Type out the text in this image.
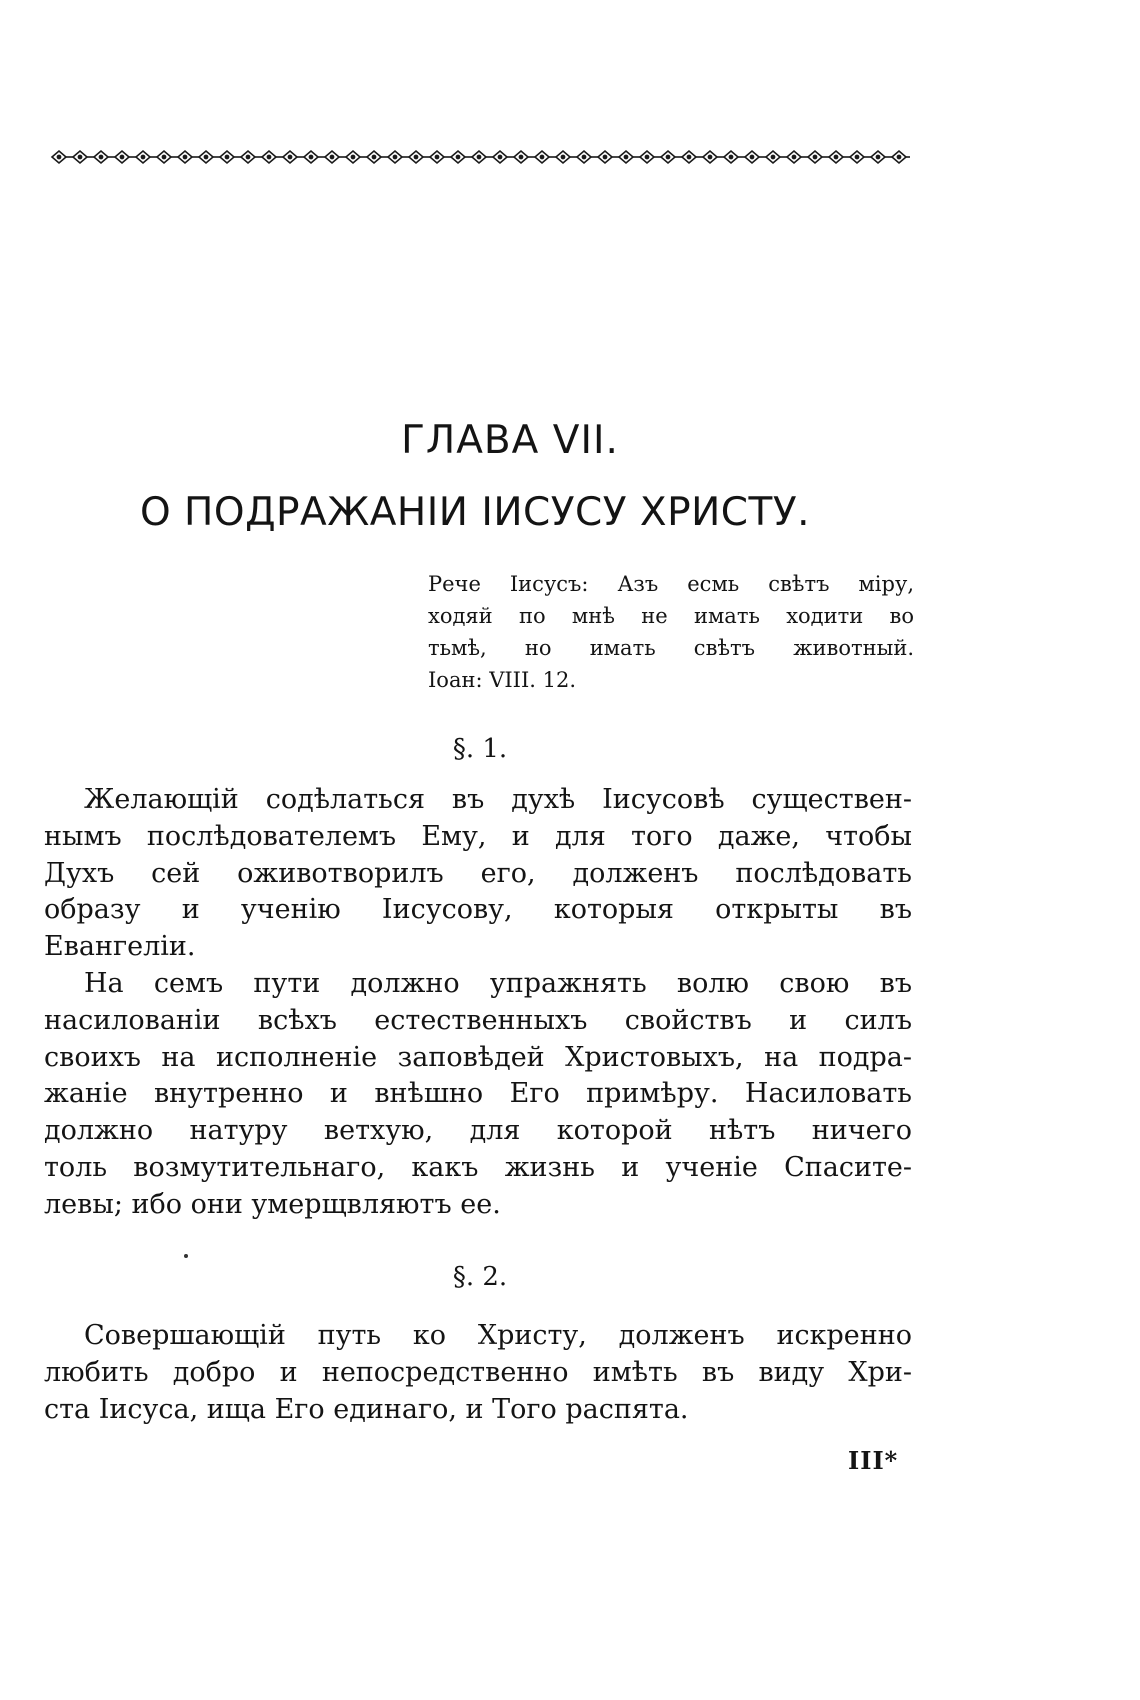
ГЛАВА VII.
О ПОДРАЖАНІИ ІИСУСУ ХРИСТУ.
Рече Іисусъ: Азъ есмь свѣтъ міру,
ходяй по мнѣ не имать ходити во
тьмѣ, но имать свѣтъ животный.
Іоан: VIII. 12.
§. 1.
Желающій содѣлаться въ духѣ Іисусовѣ существен-
нымъ послѣдователемъ Ему, и для того даже, чтобы
Духъ сей оживотворилъ его, долженъ послѣдовать
образу и ученію Іисусову, которыя открыты въ
Евангеліи.
На семъ пути должно упражнять волю свою въ
насилованіи всѣхъ естественныхъ свойствъ и силъ
своихъ на исполненіе заповѣдей Христовыхъ, на подра-
жаніе внутренно и внѣшно Его примѣру. Насиловать
должно натуру ветхую, для которой нѣтъ ничего
толь возмутительнаго, какъ жизнь и ученіе Спасите-
левы; ибо они умерщвляютъ ее.
§. 2.
Совершающій путь ко Христу, долженъ искренно
любить добро и непосредственно имѣть въ виду Хри-
ста Іисуса, ища Его единаго, и Того распята.
III*
